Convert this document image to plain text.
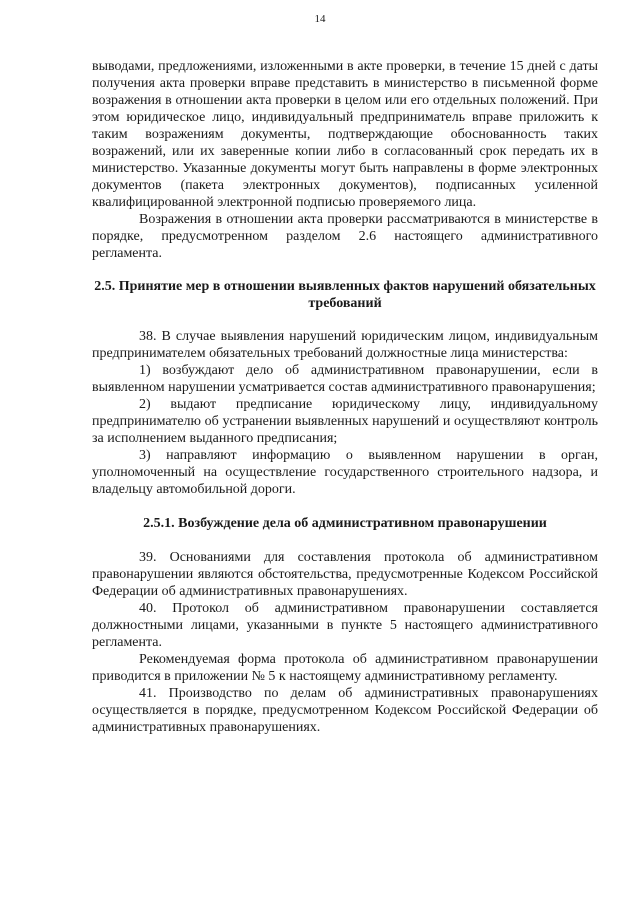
14

выводами, предложениями, изложенными в акте проверки, в течение 15 дней с даты получения акта проверки вправе представить в министерство в письменной форме возражения в отношении акта проверки в целом или его отдельных положений. При этом юридическое лицо, индивидуальный предприниматель вправе приложить к таким возражениям документы, подтверждающие обоснованность таких возражений, или их заверенные копии либо в согласованный срок передать их в министерство. Указанные документы могут быть направлены в форме электронных документов (пакета электронных документов), подписанных усиленной квалифицированной электронной подписью проверяемого лица.

Возражения в отношении акта проверки рассматриваются в министерстве в порядке, предусмотренном разделом 2.6 настоящего административного регламента.

2.5. Принятие мер в отношении выявленных фактов нарушений обязательных требований

38. В случае выявления нарушений юридическим лицом, индивидуальным предпринимателем обязательных требований должностные лица министерства:

1) возбуждают дело об административном правонарушении, если в выявленном нарушении усматривается состав административного правонарушения;

2) выдают предписание юридическому лицу, индивидуальному предпринимателю об устранении выявленных нарушений и осуществляют контроль за исполнением выданного предписания;

3) направляют информацию о выявленном нарушении в орган, уполномоченный на осуществление государственного строительного надзора, и владельцу автомобильной дороги.

2.5.1. Возбуждение дела об административном правонарушении

39. Основаниями для составления протокола об административном правонарушении являются обстоятельства, предусмотренные Кодексом Российской Федерации об административных правонарушениях.

40. Протокол об административном правонарушении составляется должностными лицами, указанными в пункте 5 настоящего административного регламента.

Рекомендуемая форма протокола об административном правонарушении приводится в приложении № 5 к настоящему административному регламенту.

41. Производство по делам об административных правонарушениях осуществляется в порядке, предусмотренном Кодексом Российской Федерации об административных правонарушениях.
